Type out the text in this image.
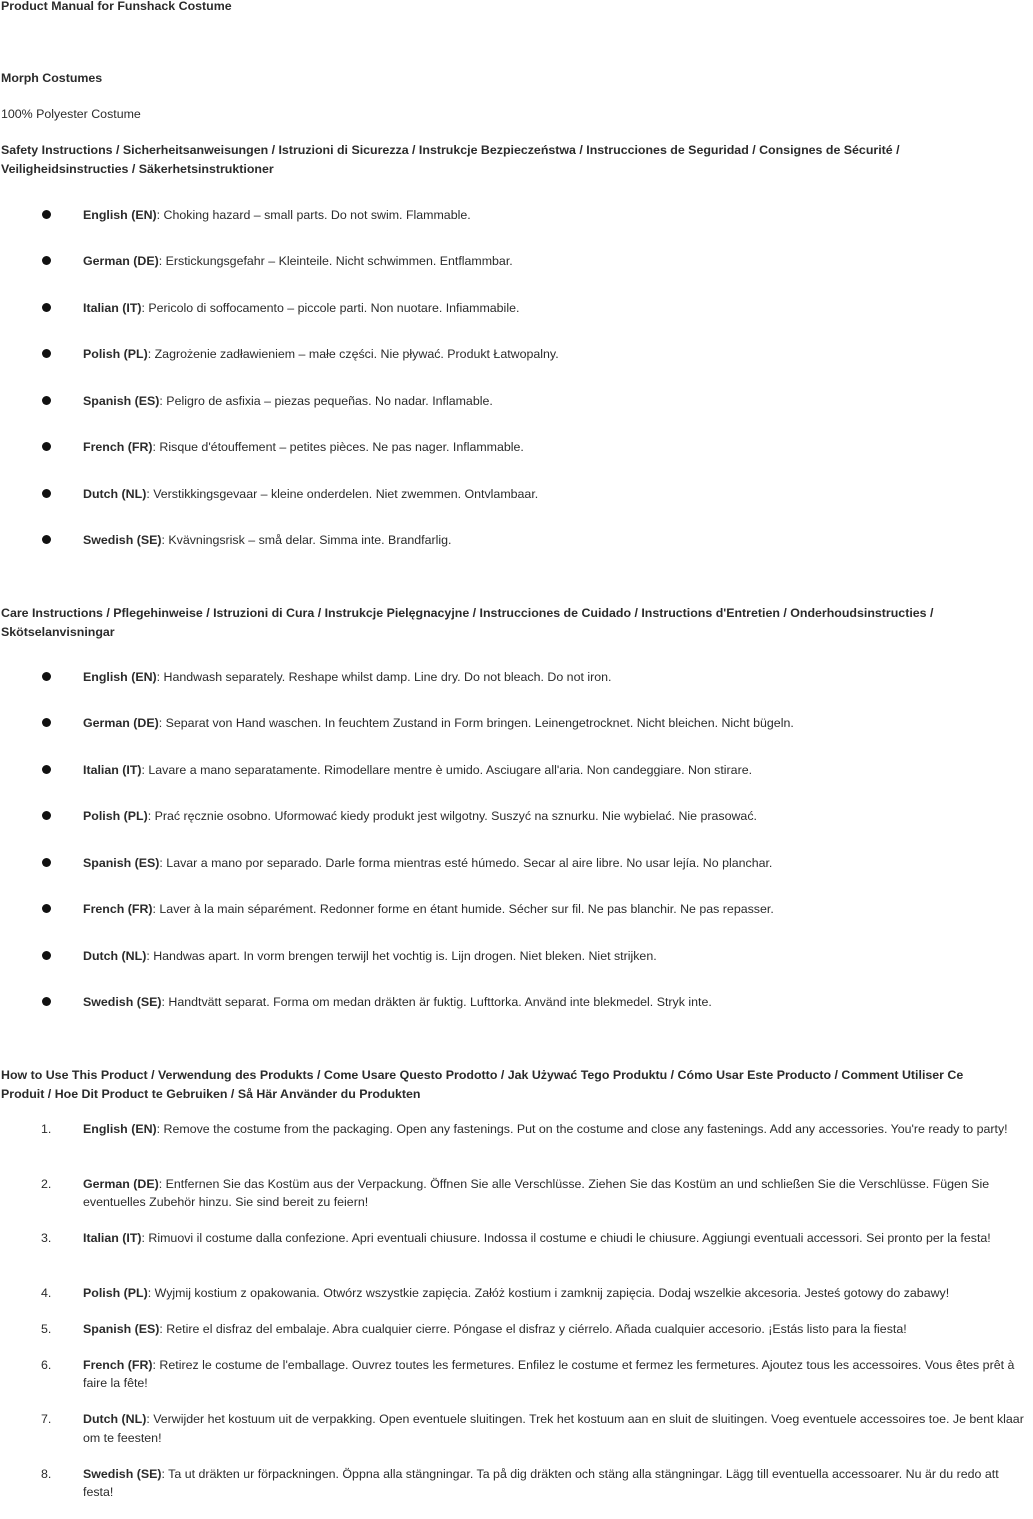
Product Manual for Funshack Costume

Morph Costumes

100% Polyester Costume

Safety Instructions / Sicherheitsanweisungen / Istruzioni di Sicurezza / Instrukcje Bezpieczeństwa / Instrucciones de Seguridad / Consignes de Sécurité / Veiligheidsinstructies / Säkerhetsinstruktioner

English (EN): Choking hazard – small parts. Do not swim. Flammable.
German (DE): Erstickungsgefahr – Kleinteile. Nicht schwimmen. Entflammbar.
Italian (IT): Pericolo di soffocamento – piccole parti. Non nuotare. Infiammabile.
Polish (PL): Zagrożenie zadławieniem – małe części. Nie pływać. Produkt Łatwopalny.
Spanish (ES): Peligro de asfixia – piezas pequeñas. No nadar. Inflamable.
French (FR): Risque d'étouffement – petites pièces. Ne pas nager. Inflammable.
Dutch (NL): Verstikkingsgevaar – kleine onderdelen. Niet zwemmen. Ontvlambaar.
Swedish (SE): Kvävningsrisk – små delar. Simma inte. Brandfarlig.

Care Instructions / Pflegehinweise / Istruzioni di Cura / Instrukcje Pielęgnacyjne / Instrucciones de Cuidado / Instructions d'Entretien / Onderhoudsinstructies / Skötselanvisningar

English (EN): Handwash separately. Reshape whilst damp. Line dry. Do not bleach. Do not iron.
German (DE): Separat von Hand waschen. In feuchtem Zustand in Form bringen. Leinengetrocknet. Nicht bleichen. Nicht bügeln.
Italian (IT): Lavare a mano separatamente. Rimodellare mentre è umido. Asciugare all'aria. Non candeggiare. Non stirare.
Polish (PL): Prać ręcznie osobno. Uformować kiedy produkt jest wilgotny. Suszyć na sznurku. Nie wybielać. Nie prasować.
Spanish (ES): Lavar a mano por separado. Darle forma mientras esté húmedo. Secar al aire libre. No usar lejía. No planchar.
French (FR): Laver à la main séparément. Redonner forme en étant humide. Sécher sur fil. Ne pas blanchir. Ne pas repasser.
Dutch (NL): Handwas apart. In vorm brengen terwijl het vochtig is. Lijn drogen. Niet bleken. Niet strijken.
Swedish (SE): Handtvätt separat. Forma om medan dräkten är fuktig. Lufttorka. Använd inte blekmedel. Stryk inte.

How to Use This Product / Verwendung des Produkts / Come Usare Questo Prodotto / Jak Używać Tego Produktu / Cómo Usar Este Producto / Comment Utiliser Ce Produit / Hoe Dit Product te Gebruiken / Så Här Använder du Produkten

1.	English (EN): Remove the costume from the packaging. Open any fastenings. Put on the costume and close any fastenings. Add any accessories. You're ready to party!
2.	German (DE): Entfernen Sie das Kostüm aus der Verpackung. Öffnen Sie alle Verschlüsse. Ziehen Sie das Kostüm an und schließen Sie die Verschlüsse. Fügen Sie eventuelles Zubehör hinzu. Sie sind bereit zu feiern!
3.	Italian (IT): Rimuovi il costume dalla confezione. Apri eventuali chiusure. Indossa il costume e chiudi le chiusure. Aggiungi eventuali accessori. Sei pronto per la festa!
4.	Polish (PL): Wyjmij kostium z opakowania. Otwórz wszystkie zapięcia. Załóż kostium i zamknij zapięcia. Dodaj wszelkie akcesoria. Jesteś gotowy do zabawy!
5.	Spanish (ES): Retire el disfraz del embalaje. Abra cualquier cierre. Póngase el disfraz y ciérrelo. Añada cualquier accesorio. ¡Estás listo para la fiesta!
6.	French (FR): Retirez le costume de l'emballage. Ouvrez toutes les fermetures. Enfilez le costume et fermez les fermetures. Ajoutez tous les accessoires. Vous êtes prêt à faire la fête!
7.	Dutch (NL): Verwijder het kostuum uit de verpakking. Open eventuele sluitingen. Trek het kostuum aan en sluit de sluitingen. Voeg eventuele accessoires toe. Je bent klaar om te feesten!
8.	Swedish (SE): Ta ut dräkten ur förpackningen. Öppna alla stängningar. Ta på dig dräkten och stäng alla stängningar. Lägg till eventuella accessoarer. Nu är du redo att festa!
